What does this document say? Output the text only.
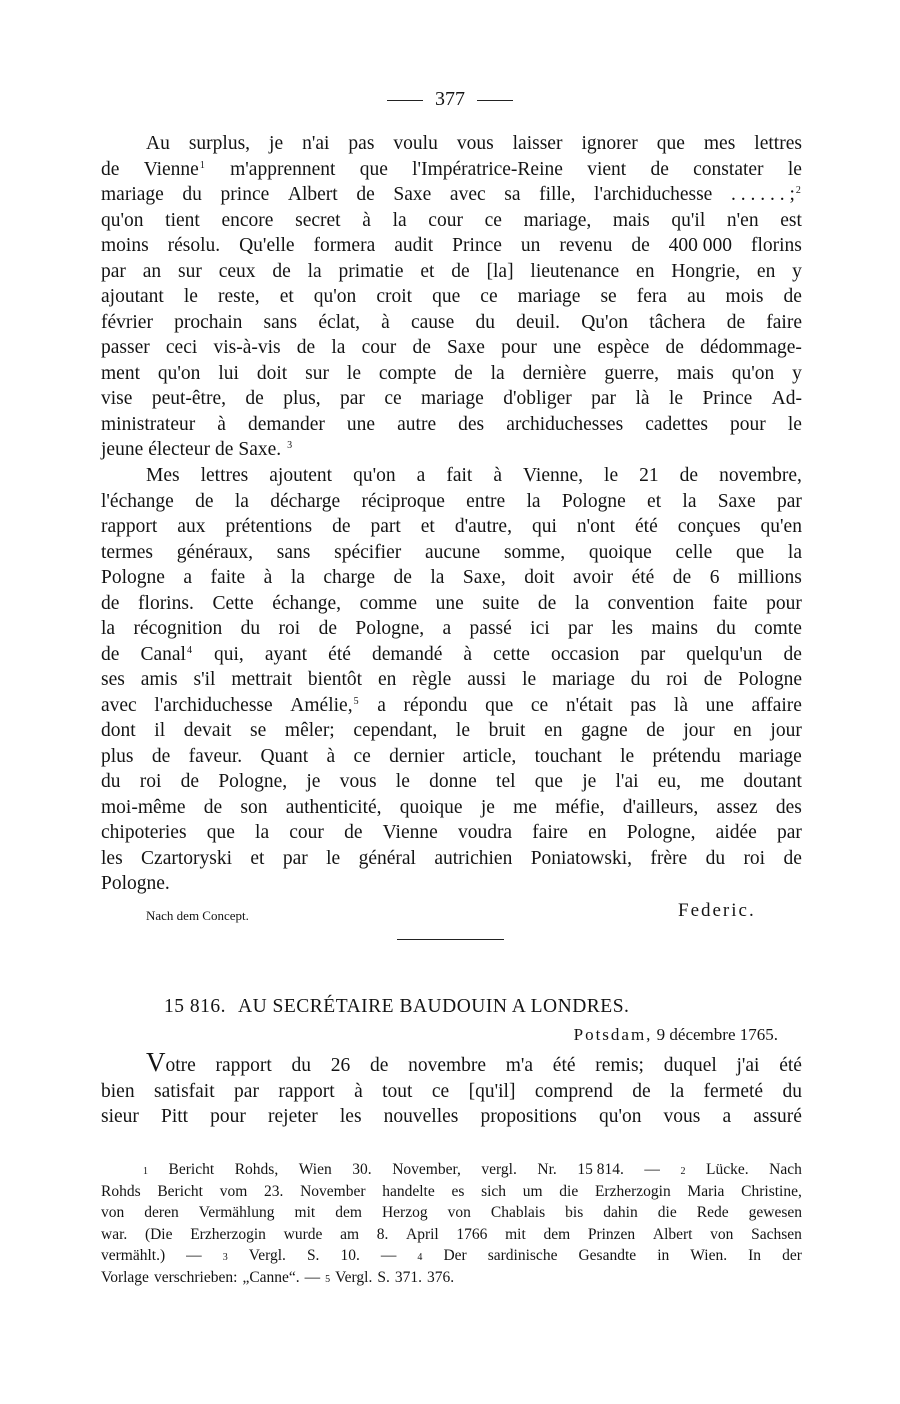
377
Au surplus, je n'ai pas voulu vous laisser ignorer que mes lettres
de Vienne$^1$ m'apprennent que l'Impératrice-Reine vient de constater le
mariage du prince Albert de Saxe avec sa fille, l'archiduchesse . . . . . . ;$^2$
qu'on tient encore secret à la cour ce mariage, mais qu'il n'en est
moins résolu. Qu'elle formera audit Prince un revenu de 400 000 florins
par an sur ceux de la primatie et de [la] lieutenance en Hongrie, en y
ajoutant le reste, et qu'on croit que ce mariage se fera au mois de
février prochain sans éclat, à cause du deuil. Qu'on tâchera de faire
passer ceci vis-à-vis de la cour de Saxe pour une espèce de dédommage-
ment qu'on lui doit sur le compte de la dernière guerre, mais qu'on y
vise peut-être, de plus, par ce mariage d'obliger par là le Prince Ad-
ministrateur à demander une autre des archiduchesses cadettes pour le
jeune électeur de Saxe. $^3$
Mes lettres ajoutent qu'on a fait à Vienne, le 21 de novembre,
l'échange de la décharge réciproque entre la Pologne et la Saxe par
rapport aux prétentions de part et d'autre, qui n'ont été conçues qu'en
termes généraux, sans spécifier aucune somme, quoique celle que la
Pologne a faite à la charge de la Saxe, doit avoir été de 6 millions
de florins. Cette échange, comme une suite de la convention faite pour
la récognition du roi de Pologne, a passé ici par les mains du comte
de Canal$^4$ qui, ayant été demandé à cette occasion par quelqu'un de
ses amis s'il mettrait bientôt en règle aussi le mariage du roi de Pologne
avec l'archiduchesse Amélie,$^5$ a répondu que ce n'était pas là une affaire
dont il devait se mêler; cependant, le bruit en gagne de jour en jour
plus de faveur. Quant à ce dernier article, touchant le prétendu mariage
du roi de Pologne, je vous le donne tel que je l'ai eu, me doutant
moi-même de son authenticité, quoique je me méfie, d'ailleurs, assez des
chipoteries que la cour de Vienne voudra faire en Pologne, aidée par
les Czartoryski et par le général autrichien Poniatowski, frère du roi de
Pologne.
Nach dem Concept.	Federic.
15 816. AU SECRÉTAIRE BAUDOUIN A LONDRES.
Potsdam, 9 décembre 1765.
Votre rapport du 26 de novembre m'a été remis; duquel j'ai été
bien satisfait par rapport à tout ce [qu'il] comprend de la fermeté du
sieur Pitt pour rejeter les nouvelles propositions qu'on vous a assuré
1 Bericht Rohds, Wien 30. November, vergl. Nr. 15 814. — 2 Lücke. Nach
Rohds Bericht vom 23. November handelte es sich um die Erzherzogin Maria Christine,
von deren Vermählung mit dem Herzog von Chablais bis dahin die Rede gewesen
war. (Die Erzherzogin wurde am 8. April 1766 mit dem Prinzen Albert von Sachsen
vermählt.) — 3 Vergl. S. 10. — 4 Der sardinische Gesandte in Wien. In der
Vorlage verschrieben: „Canne“. — 5 Vergl. S. 371. 376.
